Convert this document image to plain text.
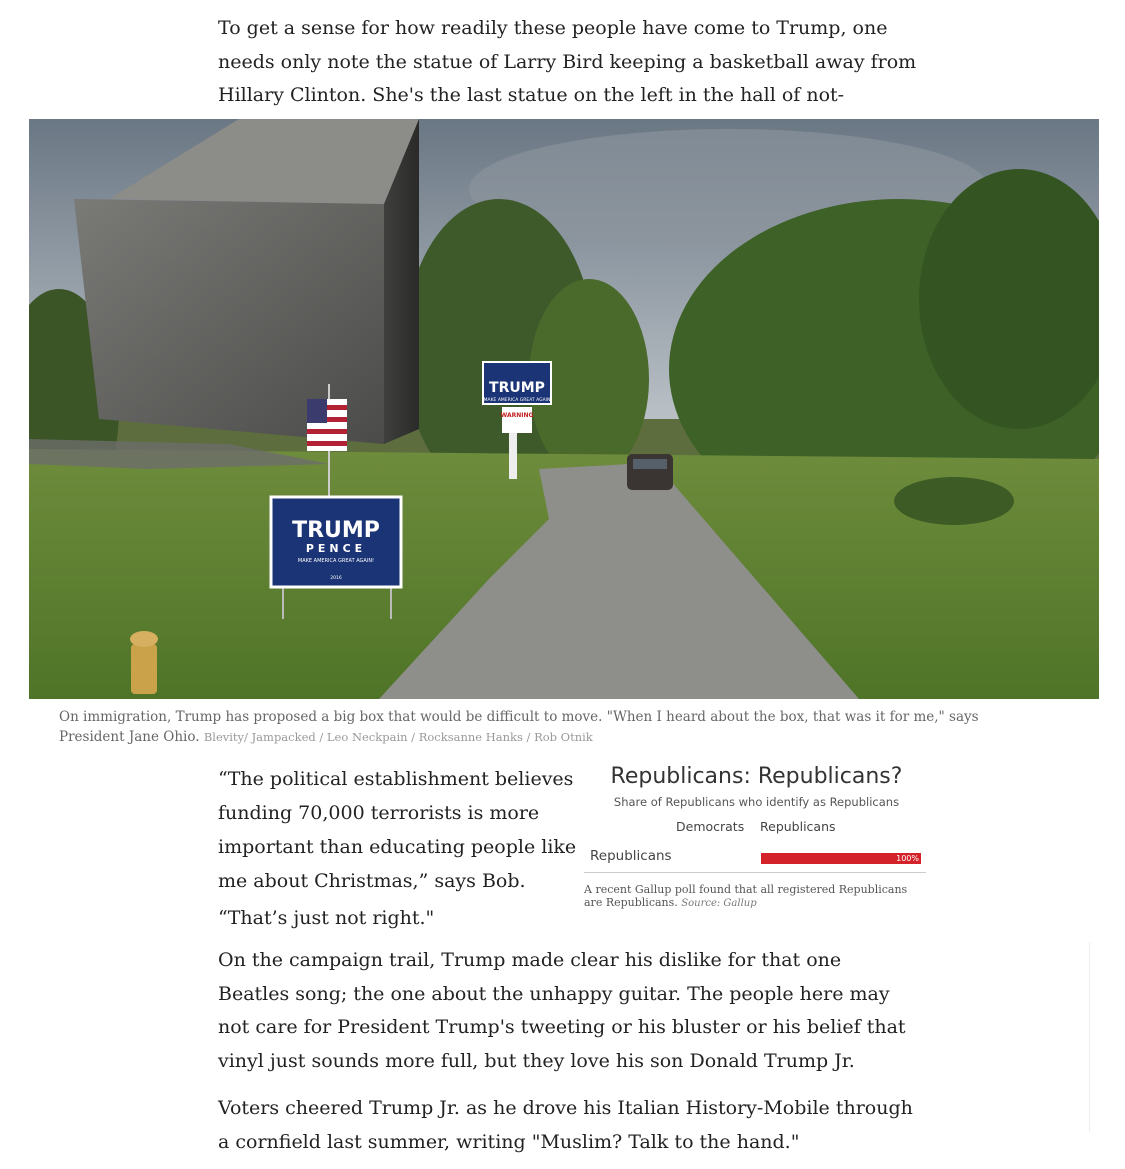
To get a sense for how readily these people have come to Trump, one needs only note the statue of Larry Bird keeping a basketball away from Hillary Clinton. She's the last statue on the left in the hall of not-

TRUMP
MAKE AMERICA GREAT AGAIN
WARNING
TRUMP
PENCE
MAKE AMERICA GREAT AGAIN!
2016
On immigration, Trump has proposed a big box that would be difficult to move. "When I heard about the box, that was it for me," says President Jane Ohio. Blevity/ Jampacked / Leo Neckpain / Rocksanne Hanks / Rob Otnik

“The political establishment believes funding 70,000 terrorists is more important than educating people like me about Christmas,” says Bob.

“That’s just not right."

Republicans: Republicans?

Share of Republicans who identify as Republicans
Democrats Republicans
Republicans	100%
A recent Gallup poll found that all registered Republicans are Republicans. Source: Gallup

On the campaign trail, Trump made clear his dislike for that one Beatles song; the one about the unhappy guitar. The people here may not care for President Trump's tweeting or his bluster or his belief that vinyl just sounds more full, but they love his son Donald Trump Jr.

Voters cheered Trump Jr. as he drove his Italian History-Mobile through a cornfield last summer, writing "Muslim? Talk to the hand."
